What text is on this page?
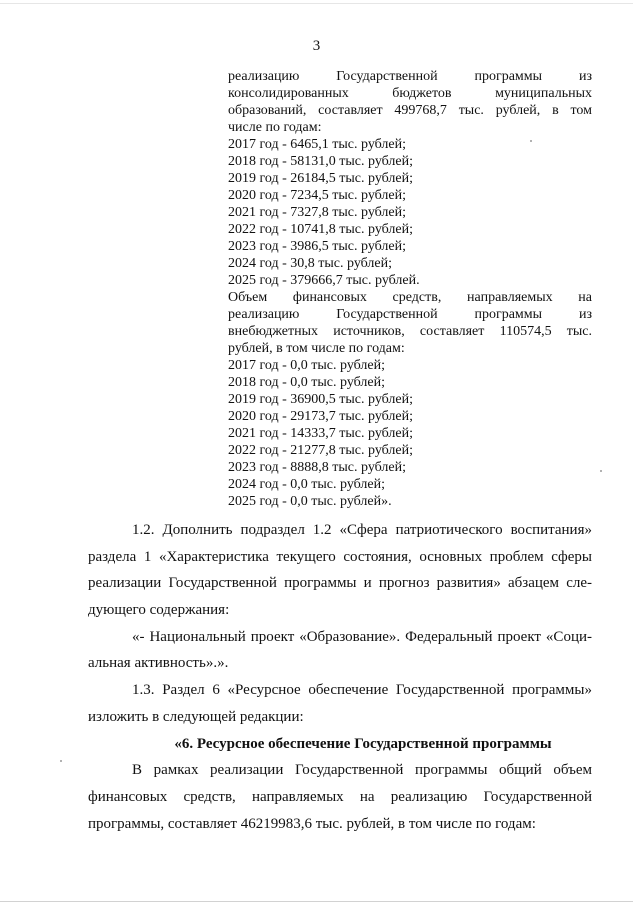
3
реализацию Государственной программы из
консолидированных бюджетов муниципальных
образований, составляет 499768,7 тыс. рублей, в том
числе по годам:
2017 год - 6465,1 тыс. рублей;
2018 год - 58131,0 тыс. рублей;
2019 год - 26184,5 тыс. рублей;
2020 год - 7234,5 тыс. рублей;
2021 год - 7327,8 тыс. рублей;
2022 год - 10741,8 тыс. рублей;
2023 год - 3986,5 тыс. рублей;
2024 год - 30,8 тыс. рублей;
2025 год - 379666,7 тыс. рублей.
Объем финансовых средств, направляемых на
реализацию Государственной программы из
внебюджетных источников, составляет 110574,5 тыс.
рублей, в том числе по годам:
2017 год - 0,0 тыс. рублей;
2018 год - 0,0 тыс. рублей;
2019 год - 36900,5 тыс. рублей;
2020 год - 29173,7 тыс. рублей;
2021 год - 14333,7 тыс. рублей;
2022 год - 21277,8 тыс. рублей;
2023 год - 8888,8 тыс. рублей;
2024 год - 0,0 тыс. рублей;
2025 год - 0,0 тыс. рублей».
1.2. Дополнить подраздел 1.2 «Сфера патриотического воспитания»
раздела 1 «Характеристика текущего состояния, основных проблем сферы
реализации Государственной программы и прогноз развития» абзацем сле-
дующего содержания:
«- Национальный проект «Образование». Федеральный проект «Соци-
альная активность».».
1.3. Раздел 6 «Ресурсное обеспечение Государственной программы»
изложить в следующей редакции:
«6. Ресурсное обеспечение Государственной программы
В рамках реализации Государственной программы общий объем
финансовых средств, направляемых на реализацию Государственной
программы, составляет 46219983,6 тыс. рублей, в том числе по годам:
